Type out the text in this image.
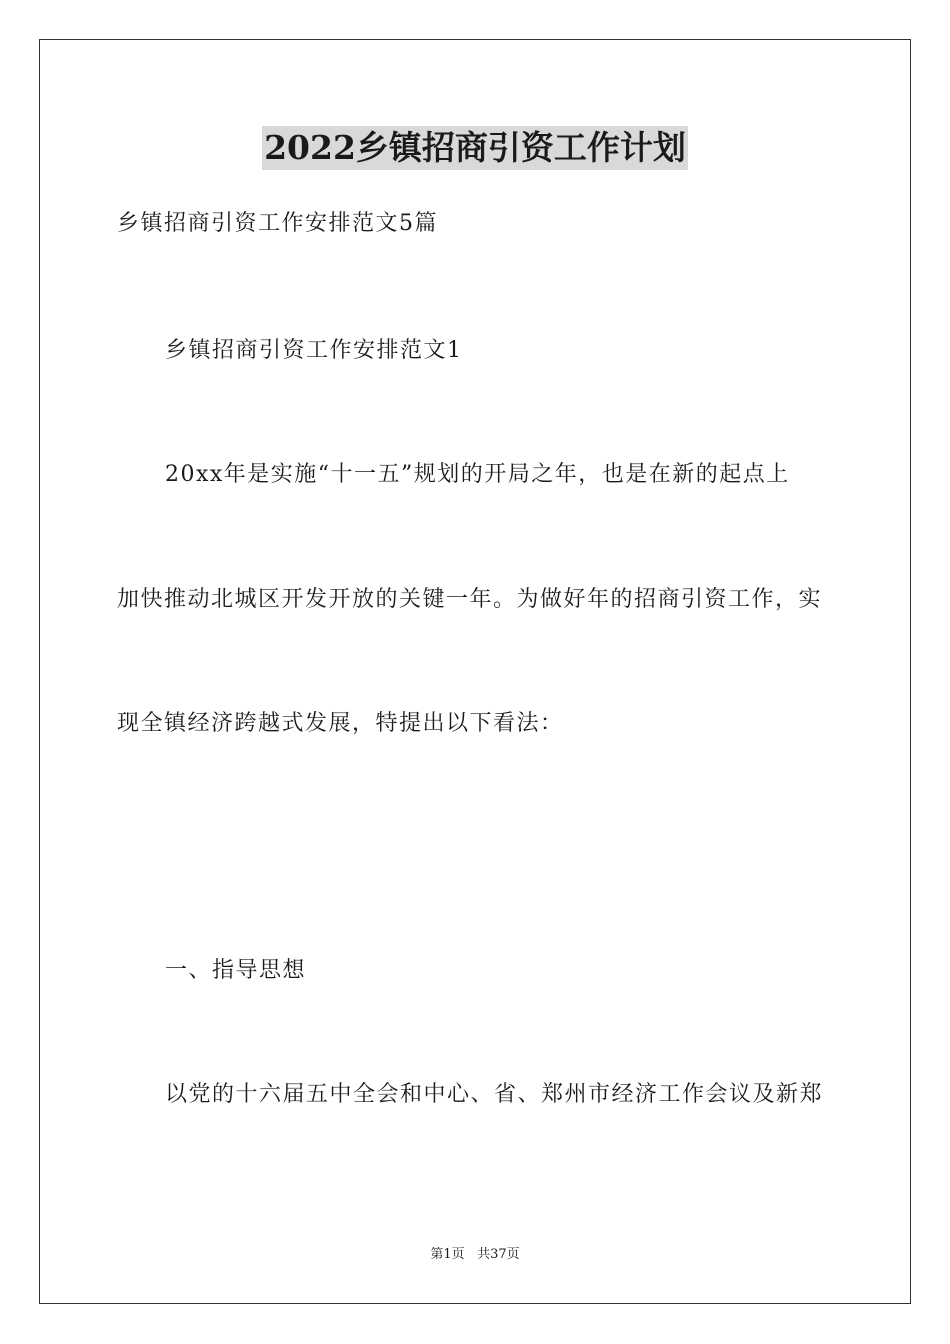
2022乡镇招商引资工作计划
乡镇招商引资工作安排范文5篇
乡镇招商引资工作安排范文1
20xx年是实施“十一五”规划的开局之年，也是在新的起点上
加快推动北城区开发开放的关键一年。为做好年的招商引资工作，实
现全镇经济跨越式发展，特提出以下看法：
一、指导思想
以党的十六届五中全会和中心、省、郑州市经济工作会议及新郑
第1页 共37页
